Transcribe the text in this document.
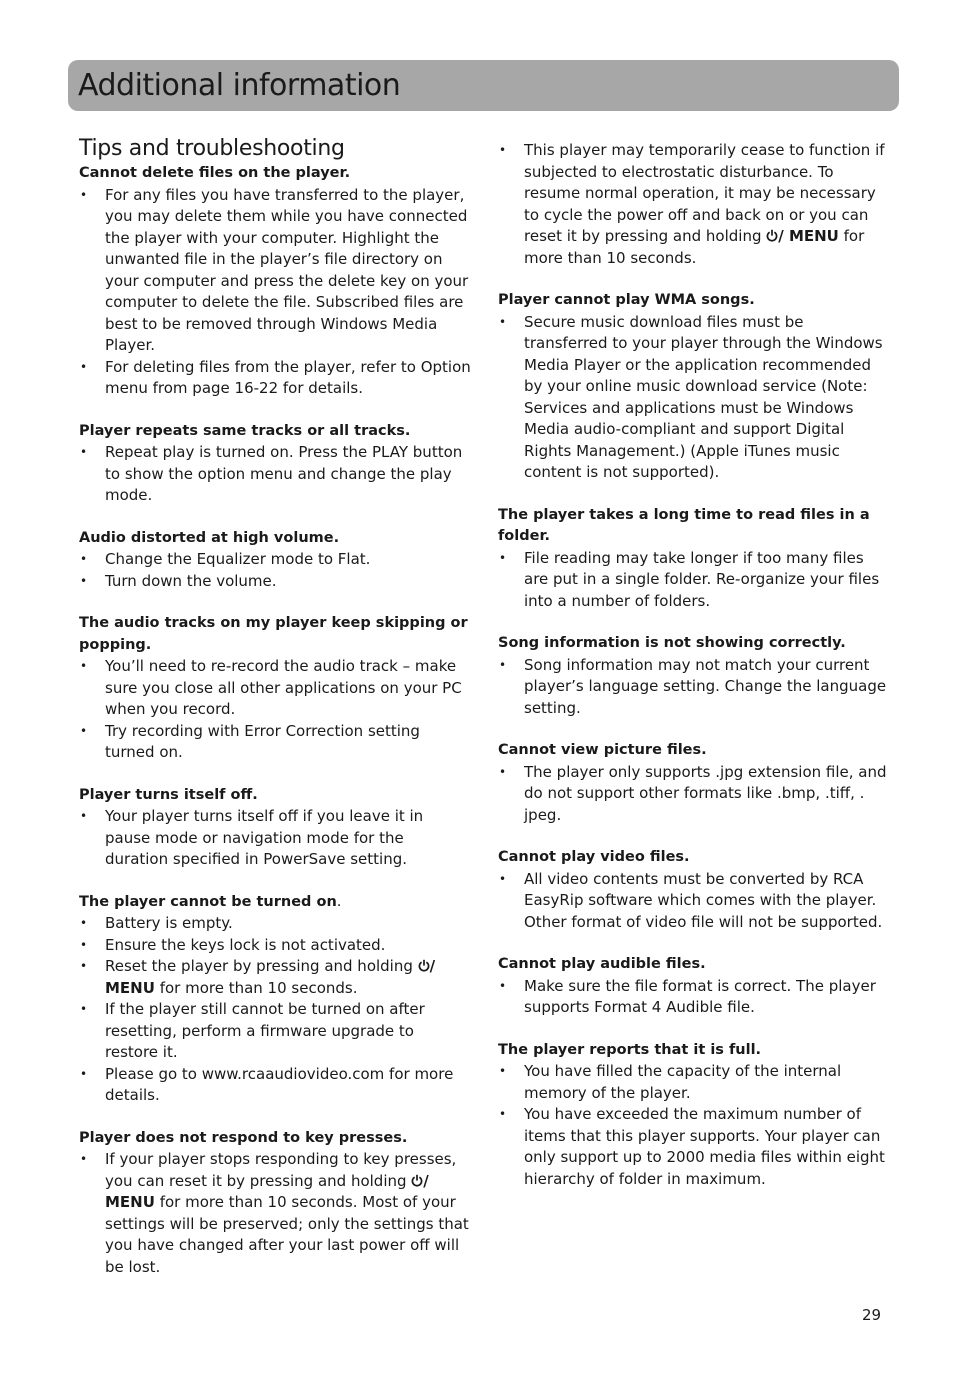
Additional information
Tips and troubleshooting

Cannot delete files on the player.

• For any files you have transferred to the player, you may delete them while you have connected the player with your computer. Highlight the unwanted file in the player’s file directory on your computer and press the delete key on your computer to delete the file. Subscribed files are best to be removed through Windows Media Player.
• For deleting files from the player, refer to Option menu from page 16-22 for details.

Player repeats same tracks or all tracks.

• Repeat play is turned on. Press the PLAY button to show the option menu and change the play mode.

Audio distorted at high volume.

• Change the Equalizer mode to Flat.
• Turn down the volume.

The audio tracks on my player keep skipping or popping.

• You’ll need to re-record the audio track – make sure you close all other applications on your PC when you record.
• Try recording with Error Correction setting turned on.

Player turns itself off.

• Your player turns itself off if you leave it in pause mode or navigation mode for the duration specified in PowerSave setting.

The player cannot be turned on.

• Battery is empty.
• Ensure the keys lock is not activated.
• Reset the player by pressing and holding / MENU for more than 10 seconds.
• If the player still cannot be turned on after resetting, perform a firmware upgrade to restore it.
• Please go to www.rcaaudiovideo.com for more details.

Player does not respond to key presses.

• If your player stops responding to key presses, you can reset it by pressing and holding / MENU for more than 10 seconds. Most of your settings will be preserved; only the settings that you have changed after your last power off will be lost.
• This player may temporarily cease to function if subjected to electrostatic disturbance. To resume normal operation, it may be necessary to cycle the power off and back on or you can reset it by pressing and holding / MENU for more than 10 seconds.

Player cannot play WMA songs.

• Secure music download files must be transferred to your player through the Windows Media Player or the application recommended by your online music download service (Note: Services and applications must be Windows Media audio-compliant and support Digital Rights Management.) (Apple iTunes music content is not supported).

The player takes a long time to read files in a folder.

• File reading may take longer if too many files are put in a single folder. Re-organize your files into a number of folders.

Song information is not showing correctly.

• Song information may not match your current player’s language setting. Change the language setting.

Cannot view picture files.

• The player only supports .jpg extension file, and do not support other formats like .bmp, .tiff, . jpeg.

Cannot play video files.

• All video contents must be converted by RCA EasyRip software which comes with the player. Other format of video file will not be supported.

Cannot play audible files.

• Make sure the file format is correct. The player supports Format 4 Audible file.

The player reports that it is full.

• You have filled the capacity of the internal memory of the player.
• You have exceeded the maximum number of items that this player supports. Your player can only support up to 2000 media files within eight hierarchy of folder in maximum.
29
